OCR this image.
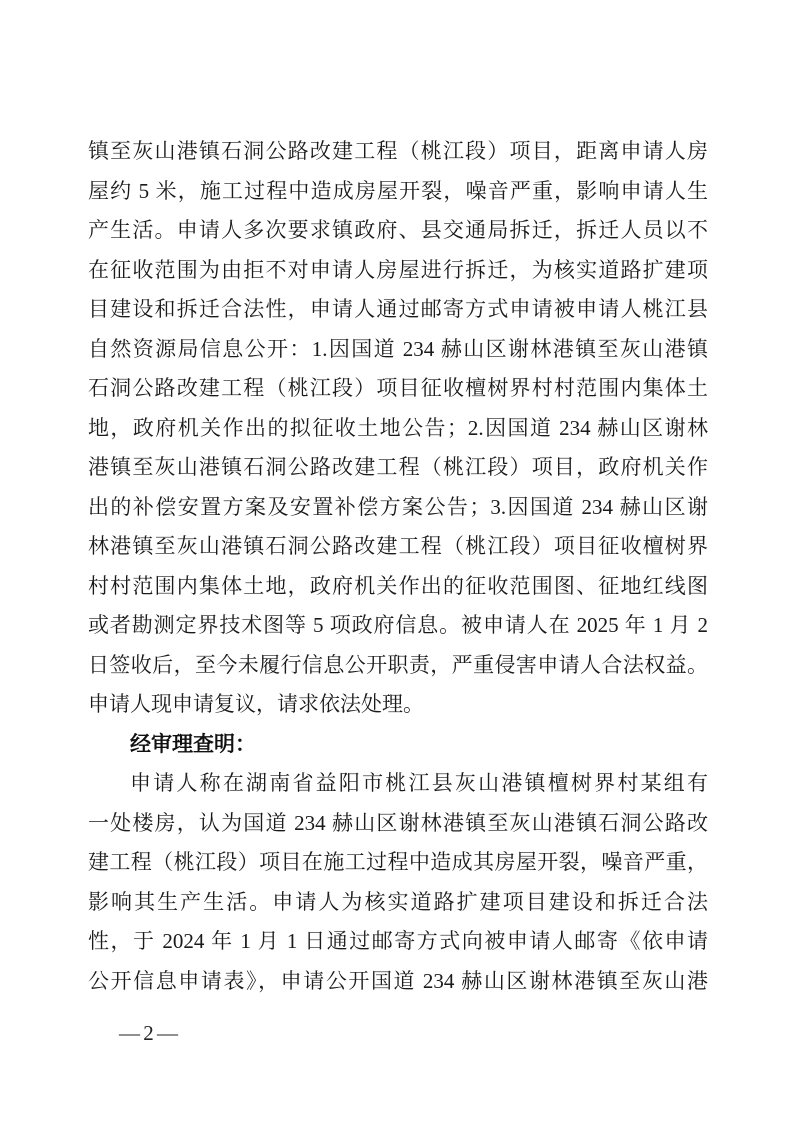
镇至灰山港镇石洞公路改建工程（桃江段）项目，距离申请人房
屋约 5 米，施工过程中造成房屋开裂，噪音严重，影响申请人生
产生活。申请人多次要求镇政府、县交通局拆迁，拆迁人员以不
在征收范围为由拒不对申请人房屋进行拆迁，为核实道路扩建项
目建设和拆迁合法性，申请人通过邮寄方式申请被申请人桃江县
自然资源局信息公开：1.因国道 234 赫山区谢林港镇至灰山港镇
石洞公路改建工程（桃江段）项目征收檀树界村村范围内集体土
地，政府机关作出的拟征收土地公告；2.因国道 234 赫山区谢林
港镇至灰山港镇石洞公路改建工程（桃江段）项目，政府机关作
出的补偿安置方案及安置补偿方案公告；3.因国道 234 赫山区谢
林港镇至灰山港镇石洞公路改建工程（桃江段）项目征收檀树界
村村范围内集体土地，政府机关作出的征收范围图、征地红线图
或者勘测定界技术图等 5 项政府信息。被申请人在 2025 年 1 月 2
日签收后，至今未履行信息公开职责，严重侵害申请人合法权益。
申请人现申请复议，请求依法处理。
经审理查明：
申请人称在湖南省益阳市桃江县灰山港镇檀树界村某组有
一处楼房，认为国道 234 赫山区谢林港镇至灰山港镇石洞公路改
建工程（桃江段）项目在施工过程中造成其房屋开裂，噪音严重，
影响其生产生活。申请人为核实道路扩建项目建设和拆迁合法
性，于 2024 年 1 月 1 日通过邮寄方式向被申请人邮寄《依申请
公开信息申请表》，申请公开国道 234 赫山区谢林港镇至灰山港
— 2 —
